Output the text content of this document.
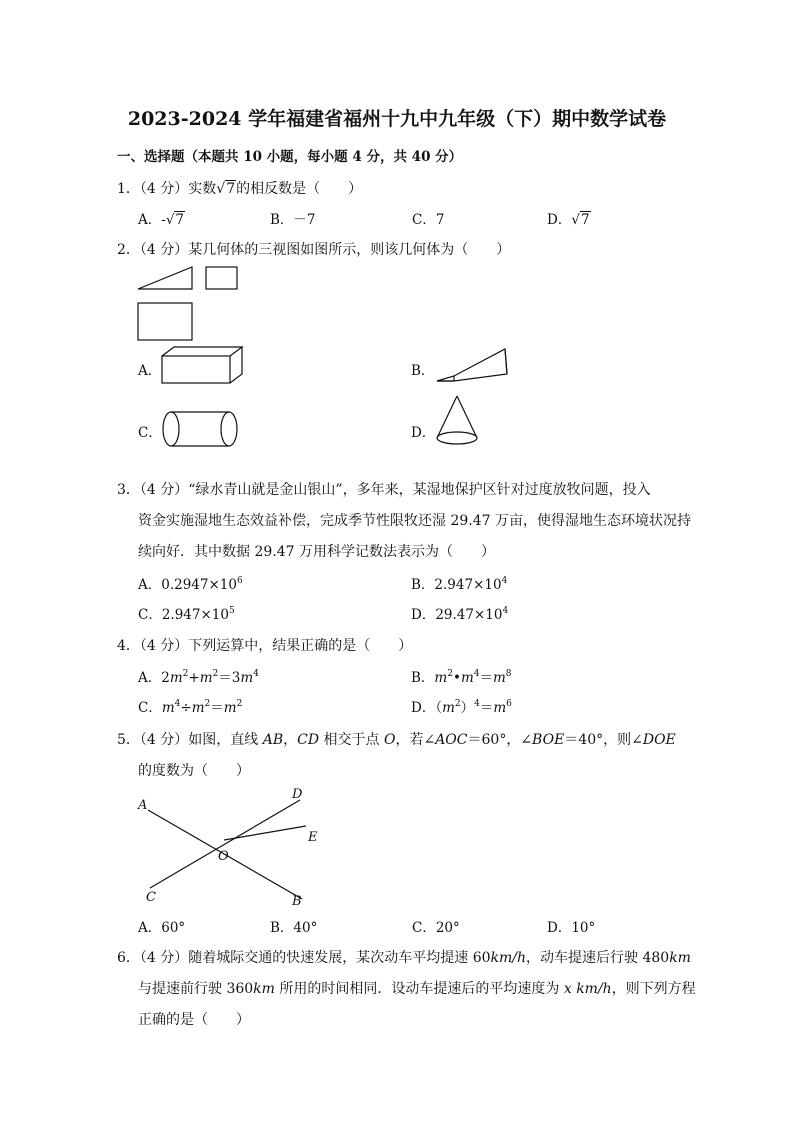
2023-2024 学年福建省福州十九中九年级（下）期中数学试卷
一、选择题（本题共 10 小题，每小题 4 分，共 40 分）
1．（4 分）实数√7的相反数是（　　）
A．-√7	B．－7	C．7	D．√7
2．（4 分）某几何体的三视图如图所示，则该几何体为（　　）
A．	B．
C．	D．
3．（4 分）“绿水青山就是金山银山”，多年来，某湿地保护区针对过度放牧问题，投入
资金实施湿地生态效益补偿，完成季节性限牧还湿 29.47 万亩，使得湿地生态环境状况持
续向好．其中数据 29.47 万用科学记数法表示为（　　）
A．$0.2947\times 10^6$	B．$2.947\times 10^4$
C．$2.947\times 10^5$	D．$29.47\times 10^4$
4．（4 分）下列运算中，结果正确的是（　　）
A．$2m^2+m^2=3m^4$	B．$m^2•m^4=m^8$
C．$m^4\div m^2=m^2$	D．$(m^2)^4=m^6$
5．（4 分）如图，直线 AB，CD 相交于点 O，若∠AOC＝60°，∠BOE＝40°，则∠DOE
的度数为（　　）
A
B
C
D
E
O
A．60°	B．40°	C．20°	D．10°
6．（4 分）随着城际交通的快速发展，某次动车平均提速 60km/h，动车提速后行驶 480km
与提速前行驶 360km 所用的时间相同．设动车提速后的平均速度为 x km/h，则下列方程
正确的是（　　）
